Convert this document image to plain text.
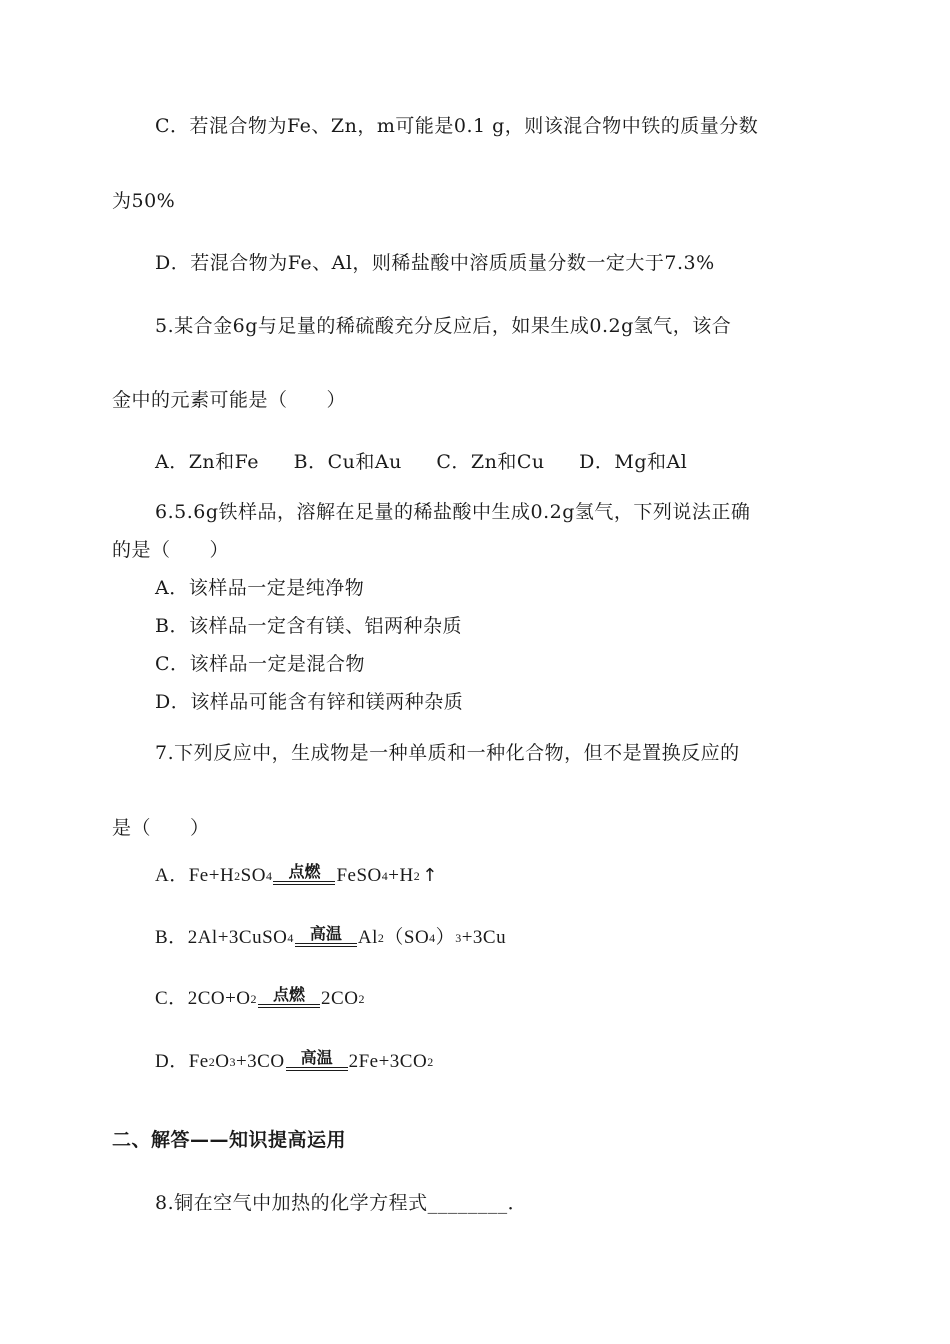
C．若混合物为Fe、Zn，m可能是0.1 g，则该混合物中铁的质量分数
为50%
D．若混合物为Fe、Al，则稀盐酸中溶质质量分数一定大于7.3%
5.某合金6g与足量的稀硫酸充分反应后，如果生成0.2g氢气，该合
金中的元素可能是（　　）
A．Zn和Fe B．Cu和Au C．Zn和Cu D．Mg和Al
6.5.6g铁样品，溶解在足量的稀盐酸中生成0.2g氢气，下列说法正确
的是（　　）
A．该样品一定是纯净物
B．该样品一定含有镁、铝两种杂质
C．该样品一定是混合物
D．该样品可能含有锌和镁两种杂质
7.下列反应中，生成物是一种单质和一种化合物，但不是置换反应的
是（　　）
A． Fe+H 2 SO 4 点燃 FeSO 4 +H 2 ↑
B． 2Al+3CuSO 4 高温 Al 2 （SO 4 ） 3 +3Cu
C． 2CO+O 2 点燃 2CO 2
D． Fe 2 O 3 +3CO 高温 2Fe+3CO 2
二、解答——知识提高运用
8.铜在空气中加热的化学方程式________．
